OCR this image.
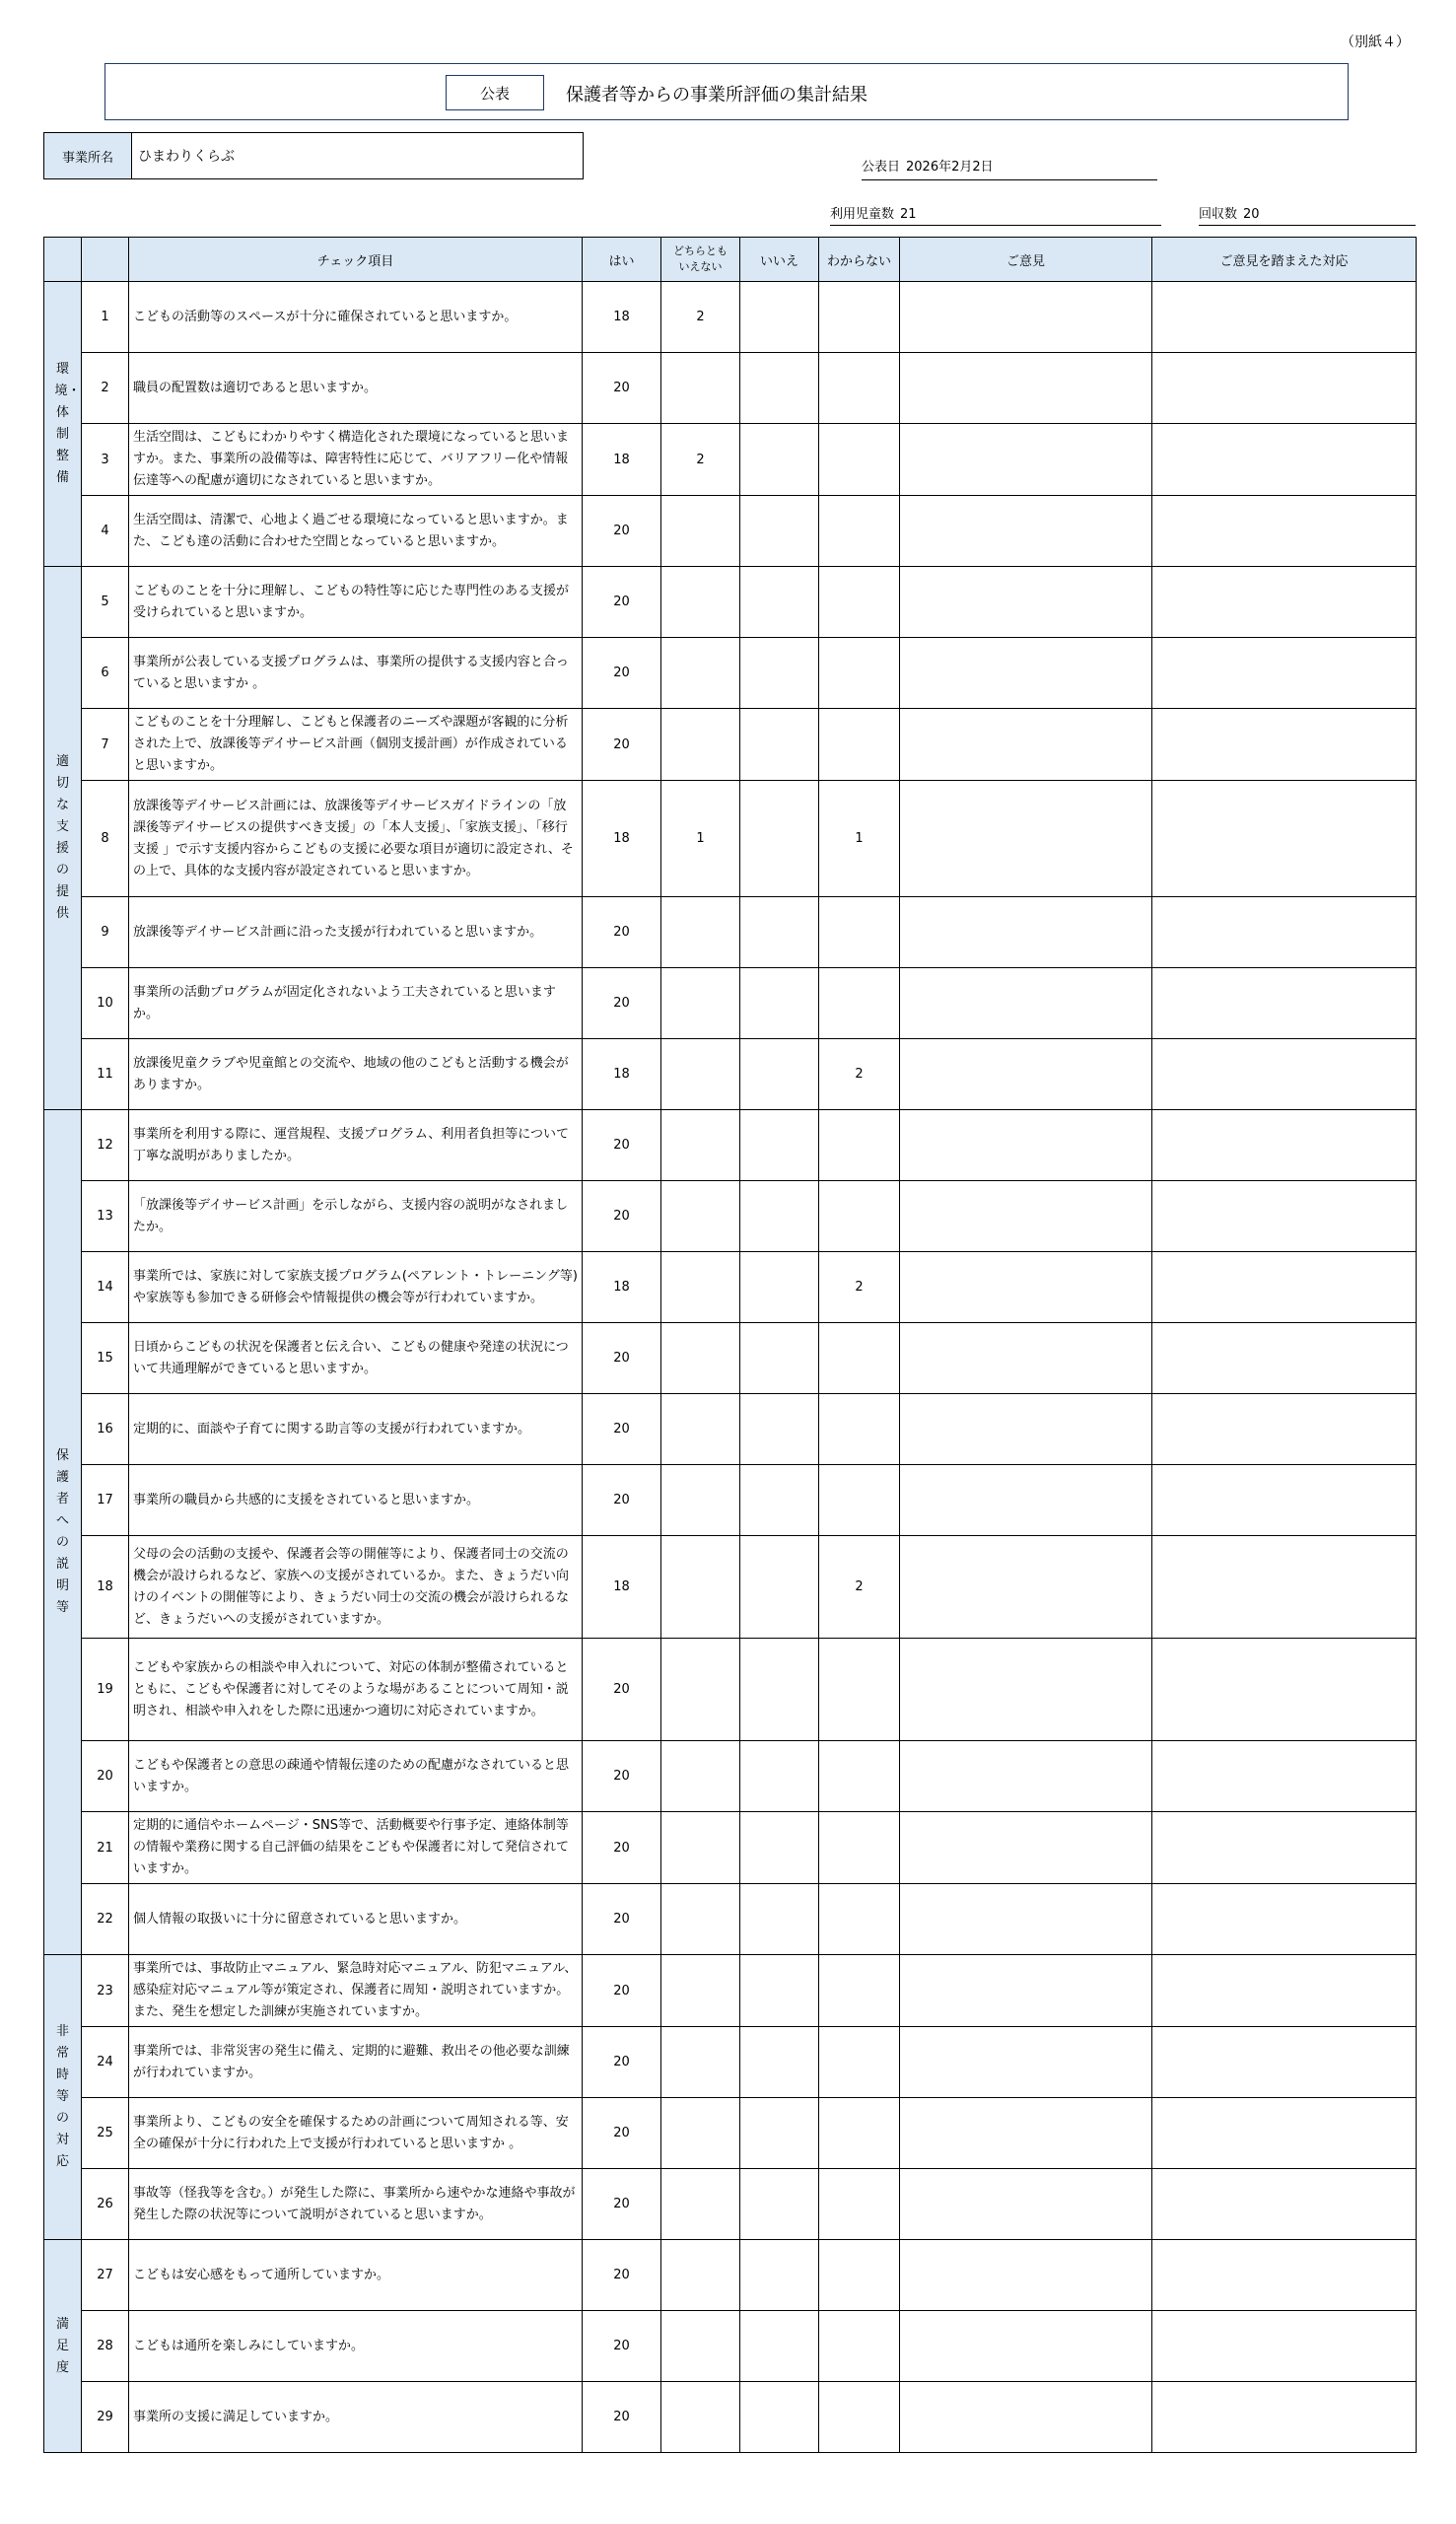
（別紙４）
公表	保護者等からの事業所評価の集計結果
事業所名	ひまわりくらぶ
公表日 2026年2月2日
利用児童数 21	回収数 20
		チェック項目	はい	どちらとも
いえない	いいえ	わからない	ご意見	ご意見を踏まえた対応

環境・体制整備	1	こどもの活動等のスペースが十分に確保されていると思いますか。	18	2				
	2	職員の配置数は適切であると思いますか。	20					
	3	生活空間は、こどもにわかりやすく構造化された環境になっていると思いますか。また、事業所の設備等は、障害特性に応じて、バリアフリー化や情報伝達等への配慮が適切になされていると思いますか。	18	2				
	4	生活空間は、清潔で、心地よく過ごせる環境になっていると思いますか。また、こども達の活動に合わせた空間となっていると思いますか。	20					

適切な支援の提供	5	こどものことを十分に理解し、こどもの特性等に応じた専門性のある支援が受けられていると思いますか。	20					
	6	事業所が公表している支援プログラムは、事業所の提供する支援内容と合っていると思いますか 。	20					
	7	こどものことを十分理解し、こどもと保護者のニーズや課題が客観的に分析された上で、放課後等デイサービス計画（個別支援計画）が作成されていると思いますか。	20					
	8	放課後等デイサービス計画には、放課後等デイサービスガイドラインの「放課後等デイサービスの提供すべき支援」の「本人支援」、「家族支援」、「移行支援 」で示す支援内容からこどもの支援に必要な項目が適切に設定され、その上で、具体的な支援内容が設定されていると思いますか。	18	1		1		
	9	放課後等デイサービス計画に沿った支援が行われていると思いますか。	20					
	10	事業所の活動プログラムが固定化されないよう工夫されていると思いますか。	20					
	11	放課後児童クラブや児童館との交流や、地域の他のこどもと活動する機会がありますか。	18			2		

保護者への説明等	12	事業所を利用する際に、運営規程、支援プログラム、利用者負担等について丁寧な説明がありましたか。	20					
	13	「放課後等デイサービス計画」を示しながら、支援内容の説明がなされましたか。	20					
	14	事業所では、家族に対して家族支援プログラム(ペアレント・トレーニング等)や家族等も参加できる研修会や情報提供の機会等が行われていますか。	18			2		
	15	日頃からこどもの状況を保護者と伝え合い、こどもの健康や発達の状況について共通理解ができていると思いますか。	20					
	16	定期的に、面談や子育てに関する助言等の支援が行われていますか。	20					
	17	事業所の職員から共感的に支援をされていると思いますか。	20					
	18	父母の会の活動の支援や、保護者会等の開催等により、保護者同士の交流の機会が設けられるなど、家族への支援がされているか。また、きょうだい向けのイベントの開催等により、きょうだい同士の交流の機会が設けられるなど、きょうだいへの支援がされていますか。	18			2		
	19	こどもや家族からの相談や申入れについて、対応の体制が整備されているとともに、こどもや保護者に対してそのような場があることについて周知・説明され、相談や申入れをした際に迅速かつ適切に対応されていますか。	20					
	20	こどもや保護者との意思の疎通や情報伝達のための配慮がなされていると思いますか。	20					
	21	定期的に通信やホームページ・SNS等で、活動概要や行事予定、連絡体制等の情報や業務に関する自己評価の結果をこどもや保護者に対して発信されていますか。	20					
	22	個人情報の取扱いに十分に留意されていると思いますか。	20					

非常時等の対応	23	事業所では、事故防止マニュアル、緊急時対応マニュアル、防犯マニュアル、感染症対応マニュアル等が策定され、保護者に周知・説明されていますか。また、発生を想定した訓練が実施されていますか。	20					
	24	事業所では、非常災害の発生に備え、定期的に避難、救出その他必要な訓練が行われていますか。	20					
	25	事業所より、こどもの安全を確保するための計画について周知される等、安全の確保が十分に行われた上で支援が行われていると思いますか 。	20					
	26	事故等（怪我等を含む。）が発生した際に、事業所から速やかな連絡や事故が発生した際の状況等について説明がされていると思いますか。	20					

満足度	27	こどもは安心感をもって通所していますか。	20					
	28	こどもは通所を楽しみにしていますか。	20					
	29	事業所の支援に満足していますか。	20					
